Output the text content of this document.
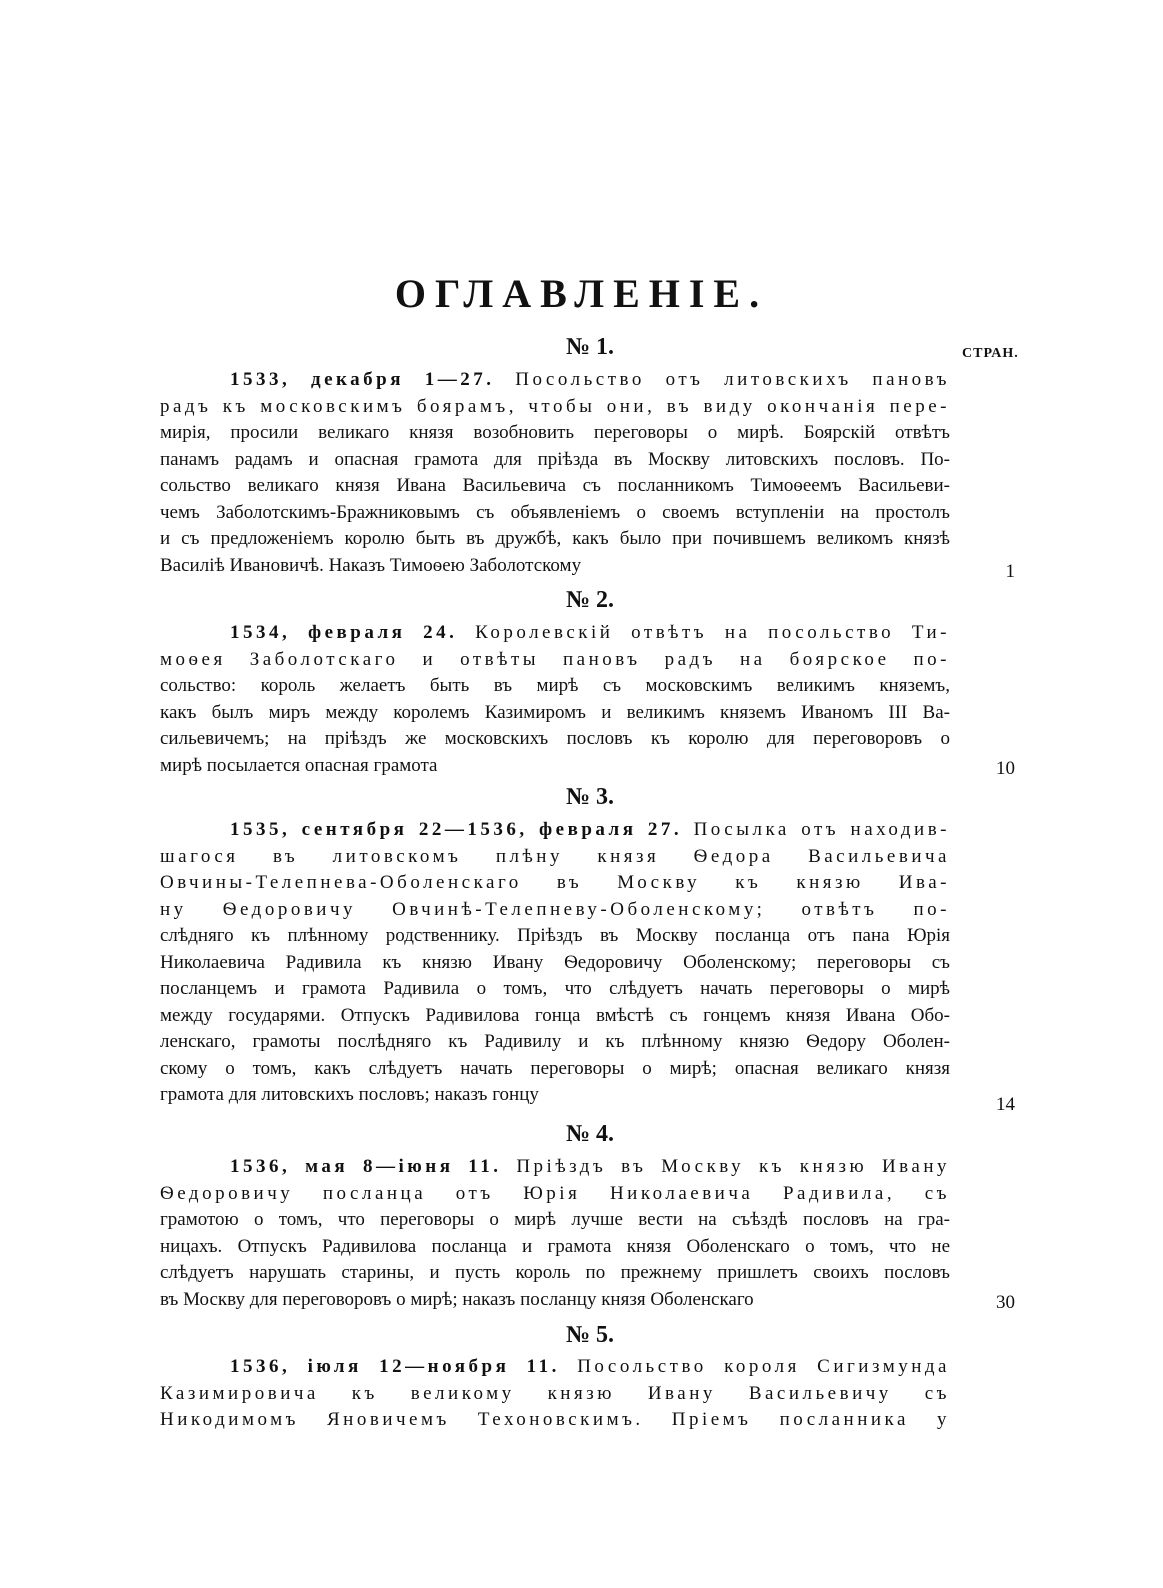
ОГЛАВЛЕНІЕ.
СТРАН.
№ 1.
1533, декабря 1—27. Посольство отъ литовскихъ пановъ
радъ къ московскимъ боярамъ, чтобы они, въ виду окончанія пере-
мирія, просили великаго князя возобновить переговоры о мирѣ. Боярскій отвѣтъ
панамъ радамъ и опасная грамота для пріѣзда въ Москву литовскихъ пословъ. По-
сольство великаго князя Ивана Васильевича съ посланникомъ Тимоѳеемъ Васильеви-
чемъ Заболотскимъ-Бражниковымъ съ объявленіемъ о своемъ вступленіи на простолъ
и съ предложеніемъ королю быть въ дружбѣ, какъ было при почившемъ великомъ князѣ
Василіѣ Ивановичѣ. Наказъ Тимоѳею Заболотскому	1
№ 2.
1534, февраля 24. Королевскій отвѣтъ на посольство Ти-
моѳея Заболотскаго и отвѣты пановъ радъ на боярское по-
сольство: король желаетъ быть въ мирѣ съ московскимъ великимъ княземъ,
какъ былъ миръ между королемъ Казимиромъ и великимъ княземъ Иваномъ III Ва-
сильевичемъ; на пріѣздъ же московскихъ пословъ къ королю для переговоровъ о
мирѣ посылается опасная грамота	10
№ 3.
1535, сентября 22—1536, февраля 27. Посылка отъ находив-
шагося въ литовскомъ плѣну князя Ѳедора Васильевича
Овчины-Телепнева-Оболенскаго въ Москву къ князю Ива-
ну Ѳедоровичу Овчинѣ-Телепневу-Оболенскому; отвѣтъ по-
слѣдняго къ плѣнному родственнику. Пріѣздъ въ Москву посланца отъ пана Юрія
Николаевича Радивила къ князю Ивану Ѳедоровичу Оболенскому; переговоры съ
посланцемъ и грамота Радивила о томъ, что слѣдуетъ начать переговоры о мирѣ
между государями. Отпускъ Радивилова гонца вмѣстѣ съ гонцемъ князя Ивана Обо-
ленскаго, грамоты послѣдняго къ Радивилу и къ плѣнному князю Ѳедору Оболен-
скому о томъ, какъ слѣдуетъ начать переговоры о мирѣ; опасная великаго князя
грамота для литовскихъ пословъ; наказъ гонцу	14
№ 4.
1536, мая 8—іюня 11. Пріѣздъ въ Москву къ князю Ивану
Ѳедоровичу посланца отъ Юрія Николаевича Радивила, съ
грамотою о томъ, что переговоры о мирѣ лучше вести на съѣздѣ пословъ на гра-
ницахъ. Отпускъ Радивилова посланца и грамота князя Оболенскаго о томъ, что не
слѣдуетъ нарушать старины, и пусть король по прежнему пришлетъ своихъ пословъ
въ Москву для переговоровъ о мирѣ; наказъ посланцу князя Оболенскаго	30
№ 5.
1536, іюля 12—ноября 11. Посольство короля Сигизмунда
Казимировича къ великому князю Ивану Васильевичу съ
Никодимомъ Яновичемъ Техоновскимъ. Пріемъ посланника у
